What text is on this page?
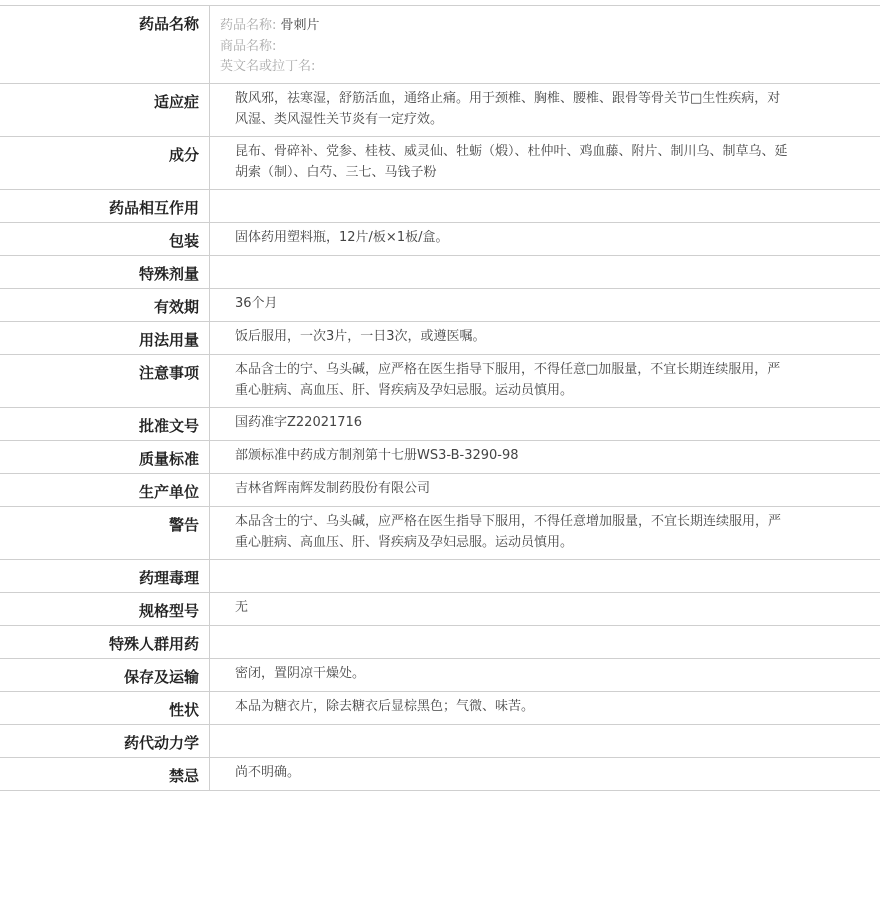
药品名称	药品名称: 骨刺片
商品名称:
英文名或拉丁名:

适应症	散风邪，祛寒湿，舒筋活血，通络止痛。用于颈椎、胸椎、腰椎、跟骨等骨关节□生性疾病，对风湿、类风湿性关节炎有一定疗效。

成分	昆布、骨碎补、党参、桂枝、威灵仙、牡蛎（煅）、杜仲叶、鸡血藤、附片、制川乌、制草乌、延胡索（制）、白芍、三七、马钱子粉

药品相互作用	

包装	固体药用塑料瓶，12片/板×1板/盒。

特殊剂量	

有效期	36个月

用法用量	饭后服用，一次3片，一日3次，或遵医嘱。

注意事项	本品含士的宁、乌头碱，应严格在医生指导下服用，不得任意□加服量，不宜长期连续服用，严重心脏病、高血压、肝、肾疾病及孕妇忌服。运动员慎用。

批准文号	国药准字Z22021716

质量标准	部颁标准中药成方制剂第十七册WS3-B-3290-98

生产单位	吉林省辉南辉发制药股份有限公司

警告	本品含士的宁、乌头碱，应严格在医生指导下服用，不得任意增加服量，不宜长期连续服用，严重心脏病、高血压、肝、肾疾病及孕妇忌服。运动员慎用。

药理毒理	

规格型号	无

特殊人群用药	

保存及运输	密闭，置阴凉干燥处。

性状	本品为糖衣片，除去糖衣后显棕黑色；气微、味苦。

药代动力学	

禁忌	尚不明确。
